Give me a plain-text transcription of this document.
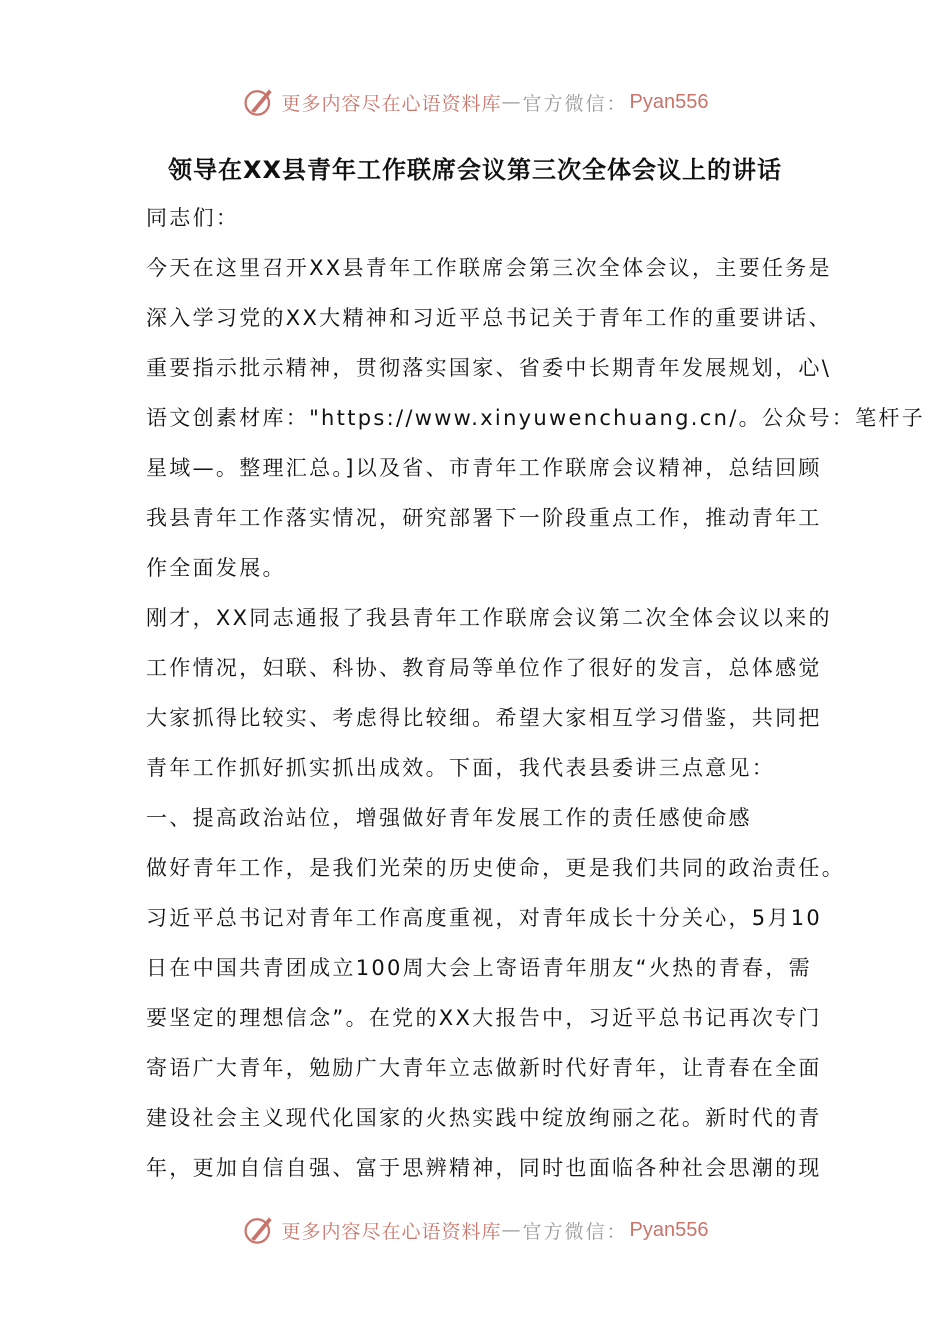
更多内容尽在心语资料库 — 官方微信： Pyan556
领导在XX县青年工作联席会议第三次全体会议上的讲话
同志们：
今天在这里召开XX县青年工作联席会第三次全体会议，主要任务是
深入学习党的XX大精神和习近平总书记关于青年工作的重要讲话、
重要指示批示精神，贯彻落实国家、省委中长期青年发展规划，心\
语文创素材库："https://www.xinyuwenchuang.cn/。公众号：笔杆子
星域—。整理汇总。]以及省、市青年工作联席会议精神，总结回顾
我县青年工作落实情况，研究部署下一阶段重点工作，推动青年工
作全面发展。
刚才，XX同志通报了我县青年工作联席会议第二次全体会议以来的
工作情况，妇联、科协、教育局等单位作了很好的发言，总体感觉
大家抓得比较实、考虑得比较细。希望大家相互学习借鉴，共同把
青年工作抓好抓实抓出成效。下面，我代表县委讲三点意见：
一、提高政治站位，增强做好青年发展工作的责任感使命感
做好青年工作，是我们光荣的历史使命，更是我们共同的政治责任。
习近平总书记对青年工作高度重视，对青年成长十分关心，5月10
日在中国共青团成立100周大会上寄语青年朋友“火热的青春，需
要坚定的理想信念”。在党的XX大报告中，习近平总书记再次专门
寄语广大青年，勉励广大青年立志做新时代好青年，让青春在全面
建设社会主义现代化国家的火热实践中绽放绚丽之花。新时代的青
年，更加自信自强、富于思辨精神，同时也面临各种社会思潮的现
更多内容尽在心语资料库 — 官方微信： Pyan556
